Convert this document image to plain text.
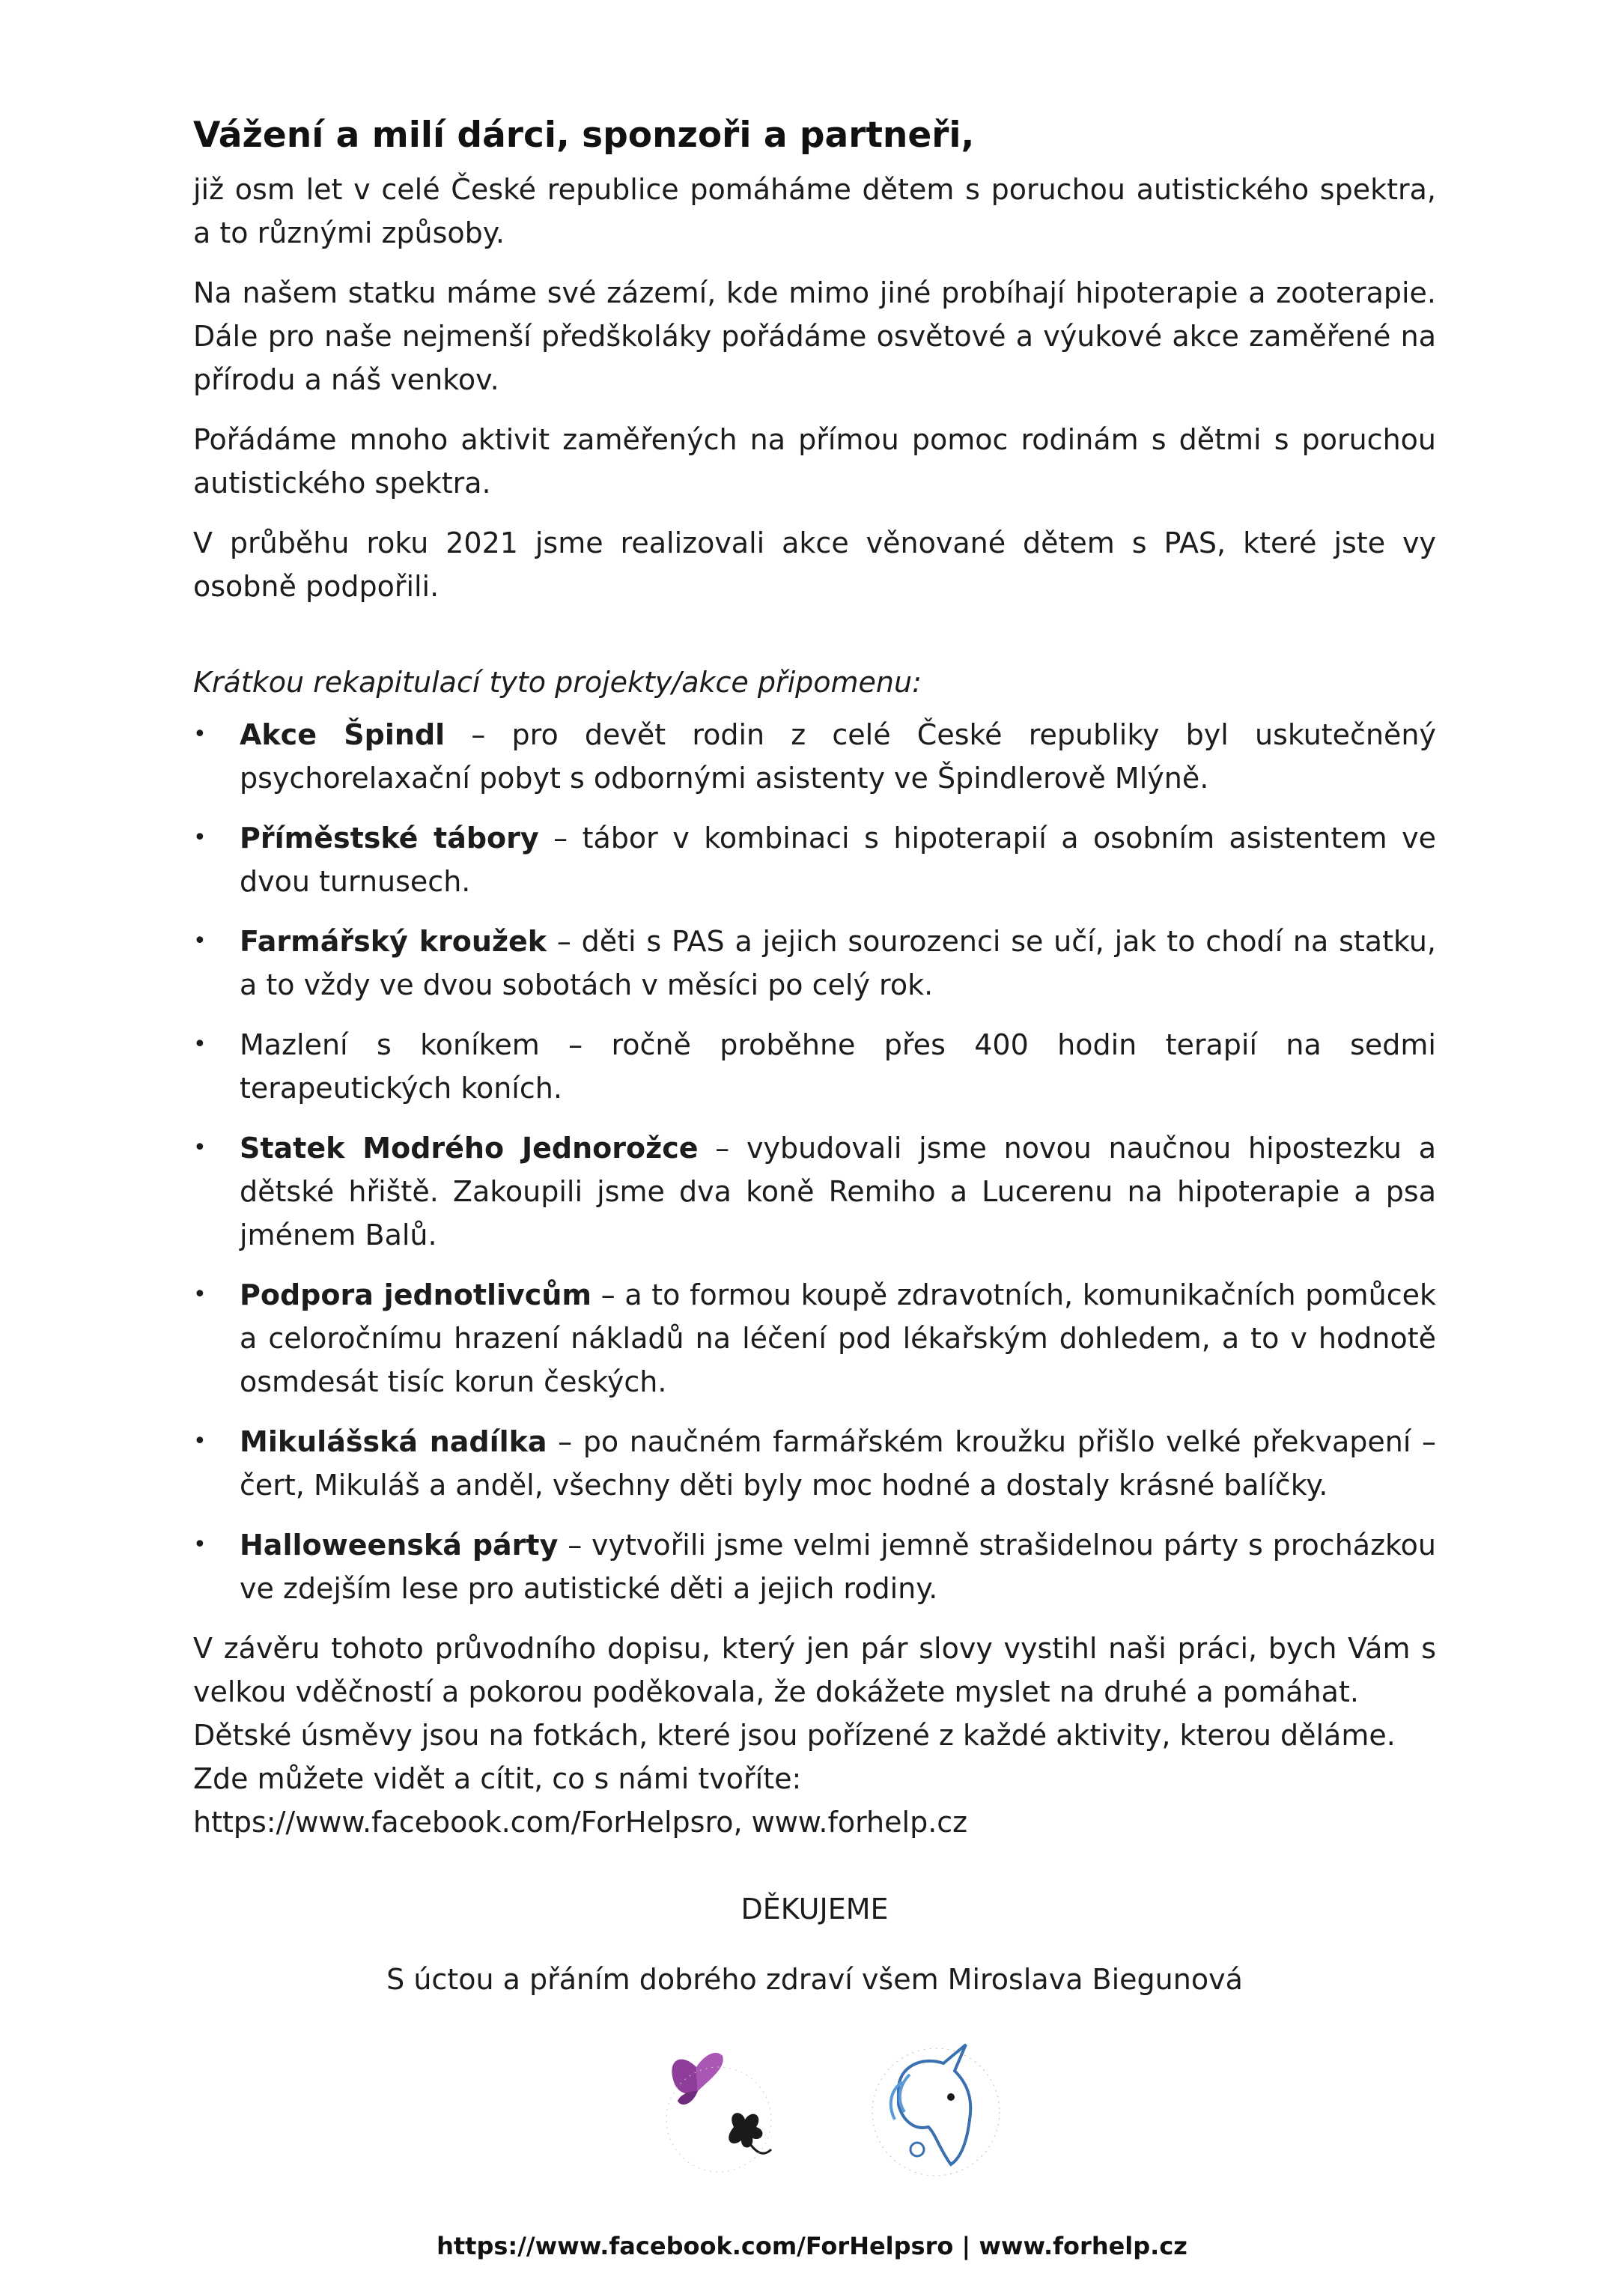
Vážení a milí dárci, sponzoři a partneři,

již osm let v celé České republice pomáháme dětem s poruchou autistického spektra, a to různými způsoby.

Na našem statku máme své zázemí, kde mimo jiné probíhají hipoterapie a zooterapie. Dále pro naše nejmenší předškoláky pořádáme osvětové a výukové akce zaměřené na přírodu a náš venkov.

Pořádáme mnoho aktivit zaměřených na přímou pomoc rodinám s dětmi s poruchou autistického spektra.

V průběhu roku 2021 jsme realizovali akce věnované dětem s PAS, které jste vy osobně podpořili.

Krátkou rekapitulací tyto projekty/akce připomenu:

• Akce Špindl – pro devět rodin z celé České republiky byl uskutečněný psychorelaxační pobyt s odbornými asistenty ve Špindlerově Mlýně.
• Příměstské tábory – tábor v kombinaci s hipoterapií a osobním asistentem ve dvou turnusech.
• Farmářský kroužek – děti s PAS a jejich sourozenci se učí, jak to chodí na statku, a to vždy ve dvou sobotách v měsíci po celý rok.
• Mazlení s koníkem – ročně proběhne přes 400 hodin terapií na sedmi terapeutických koních.
• Statek Modrého Jednorožce – vybudovali jsme novou naučnou hipostezku a dětské hřiště. Zakoupili jsme dva koně Remiho a Lucerenu na hipoterapie a psa jménem Balů.
• Podpora jednotlivcům – a to formou koupě zdravotních, komunikačních pomůcek a celoročnímu hrazení nákladů na léčení pod lékařským dohledem, a to v hodnotě osmdesát tisíc korun českých.
• Mikulášská nadílka – po naučném farmářském kroužku přišlo velké překvapení – čert, Mikuláš a anděl, všechny děti byly moc hodné a dostaly krásné balíčky.
• Halloweenská párty – vytvořili jsme velmi jemně strašidelnou párty s procházkou ve zdejším lese pro autistické děti a jejich rodiny.

V závěru tohoto průvodního dopisu, který jen pár slovy vystihl naši práci, bych Vám s velkou vděčností a pokorou poděkovala, že dokážete myslet na druhé a pomáhat.

Dětské úsměvy jsou na fotkách, které jsou pořízené z každé aktivity, kterou děláme.

Zde můžete vidět a cítit, co s námi tvoříte:

https://www.facebook.com/ForHelpsro, www.forhelp.cz

DĚKUJEME
S úctou a přáním dobrého zdraví všem Miroslava Biegunová
https://www.facebook.com/ForHelpsro | www.forhelp.cz
